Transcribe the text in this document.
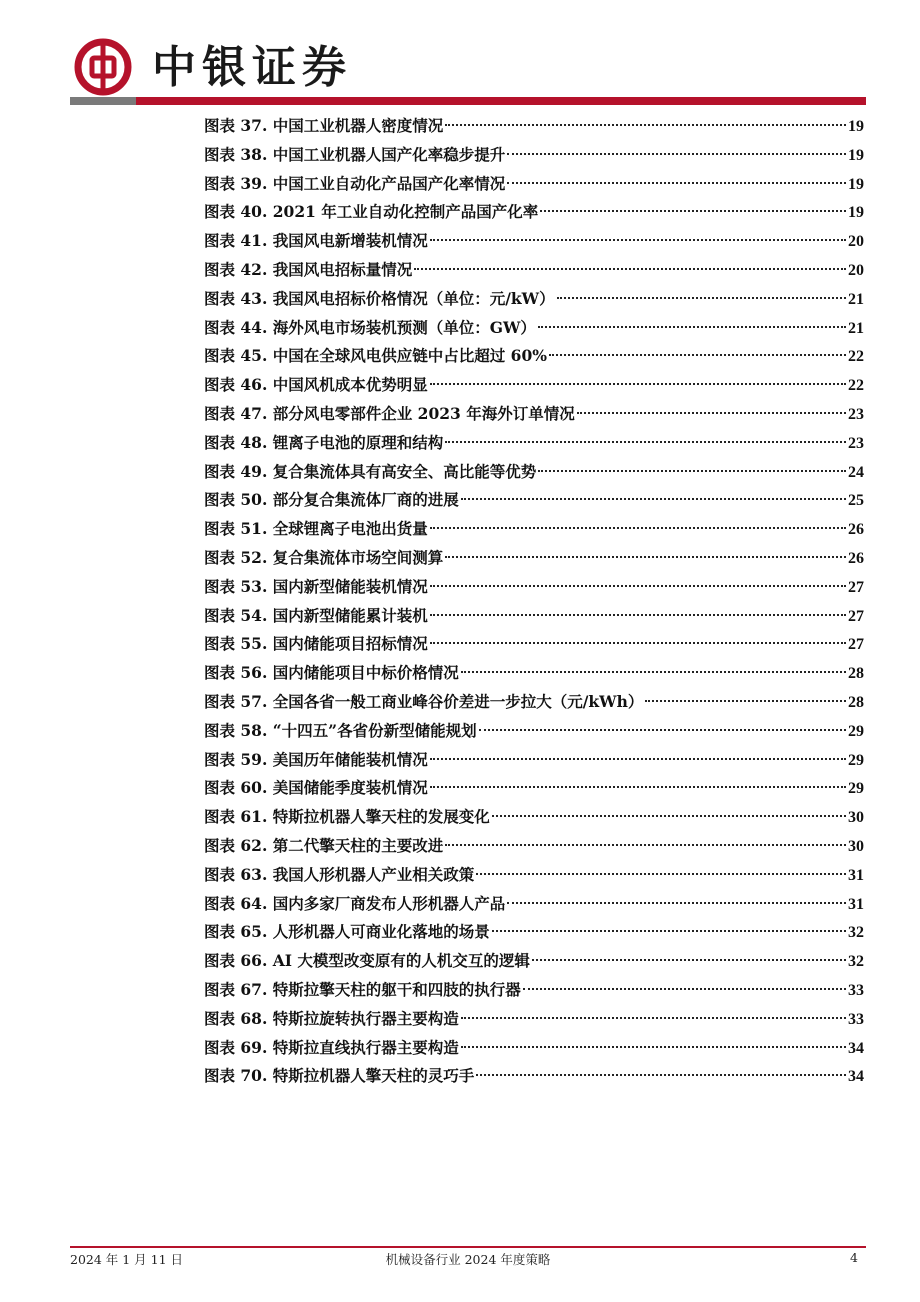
中银证券
图表 37. 中国工业机器人密度情况	19
图表 38. 中国工业机器人国产化率稳步提升	19
图表 39. 中国工业自动化产品国产化率情况	19
图表 40. 2021 年工业自动化控制产品国产化率	19
图表 41. 我国风电新增装机情况	20
图表 42. 我国风电招标量情况	20
图表 43. 我国风电招标价格情况（单位：元/kW）	21
图表 44. 海外风电市场装机预测（单位：GW）	21
图表 45. 中国在全球风电供应链中占比超过 60%	22
图表 46. 中国风机成本优势明显	22
图表 47. 部分风电零部件企业 2023 年海外订单情况	23
图表 48. 锂离子电池的原理和结构	23
图表 49. 复合集流体具有高安全、高比能等优势	24
图表 50. 部分复合集流体厂商的进展	25
图表 51. 全球锂离子电池出货量	26
图表 52. 复合集流体市场空间测算	26
图表 53. 国内新型储能装机情况	27
图表 54. 国内新型储能累计装机	27
图表 55. 国内储能项目招标情况	27
图表 56. 国内储能项目中标价格情况	28
图表 57. 全国各省一般工商业峰谷价差进一步拉大（元/kWh）	28
图表 58. “十四五”各省份新型储能规划	29
图表 59. 美国历年储能装机情况	29
图表 60. 美国储能季度装机情况	29
图表 61. 特斯拉机器人擎天柱的发展变化	30
图表 62. 第二代擎天柱的主要改进	30
图表 63. 我国人形机器人产业相关政策	31
图表 64. 国内多家厂商发布人形机器人产品	31
图表 65. 人形机器人可商业化落地的场景	32
图表 66. AI 大模型改变原有的人机交互的逻辑	32
图表 67. 特斯拉擎天柱的躯干和四肢的执行器	33
图表 68. 特斯拉旋转执行器主要构造	33
图表 69. 特斯拉直线执行器主要构造	34
图表 70. 特斯拉机器人擎天柱的灵巧手	34
2024 年 1 月 11 日	机械设备行业 2024 年度策略	4
